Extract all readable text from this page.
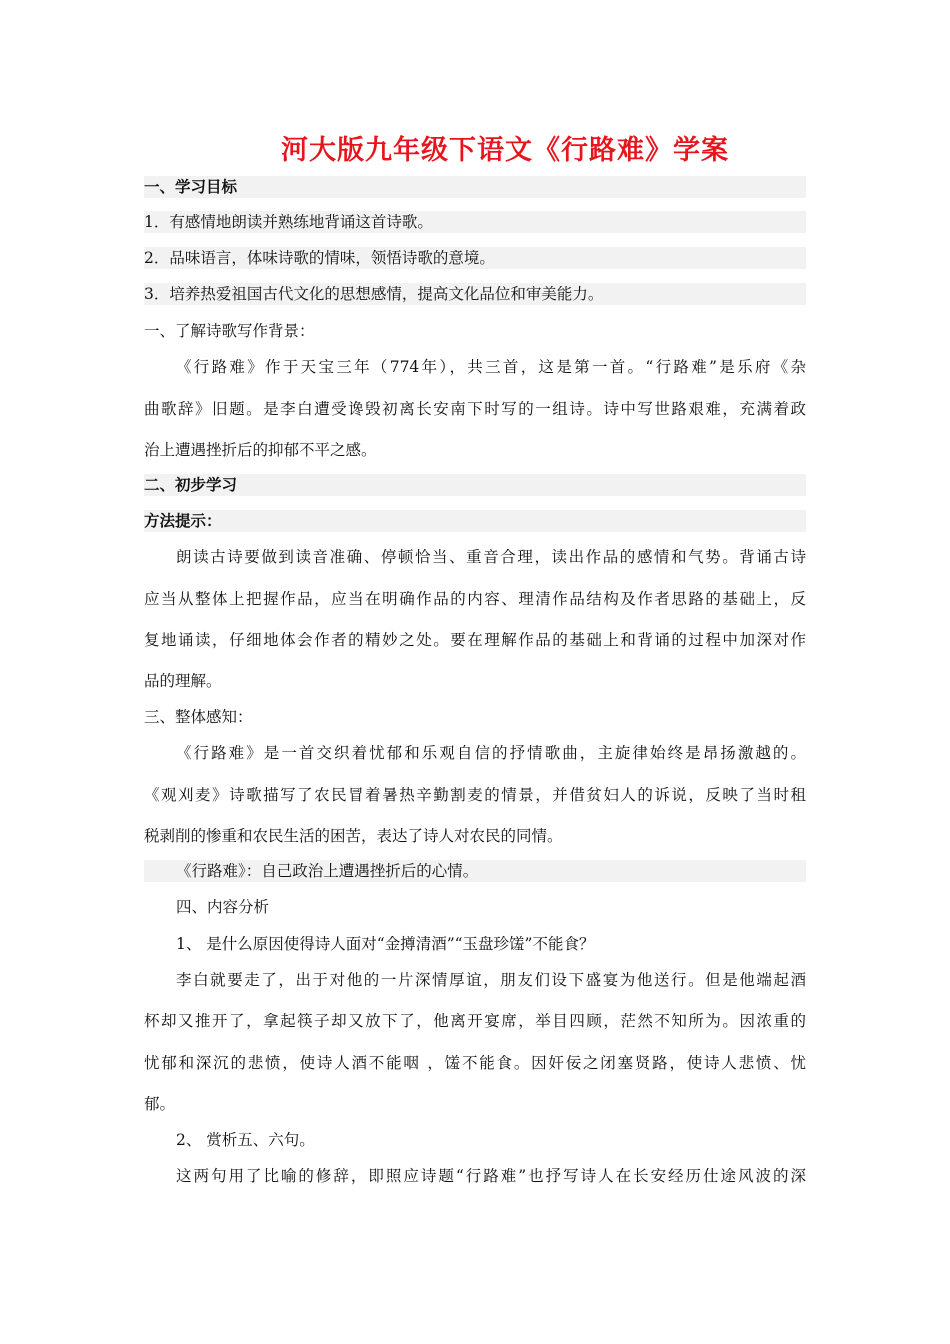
河大版九年级下语文《行路难》学案
一、学习目标
1．有感情地朗读并熟练地背诵这首诗歌。
2．品味语言，体味诗歌的情味，领悟诗歌的意境。
3．培养热爱祖国古代文化的思想感情，提高文化品位和审美能力。
一、了解诗歌写作背景：
《行路难》作于天宝三年（774年），共三首，这是第一首。“行路难”是乐府《杂
曲歌辞》旧题。是李白遭受谗毁初离长安南下时写的一组诗。诗中写世路艰难，充满着政
治上遭遇挫折后的抑郁不平之感。
二、初步学习
方法提示：
朗读古诗要做到读音准确、停顿恰当、重音合理，读出作品的感情和气势。背诵古诗
应当从整体上把握作品，应当在明确作品的内容、理清作品结构及作者思路的基础上，反
复地诵读，仔细地体会作者的精妙之处。要在理解作品的基础上和背诵的过程中加深对作
品的理解。
三、整体感知：
《行路难》是一首交织着忧郁和乐观自信的抒情歌曲，主旋律始终是昂扬激越的。
《观刈麦》诗歌描写了农民冒着暑热辛勤割麦的情景，并借贫妇人的诉说，反映了当时租
税剥削的惨重和农民生活的困苦，表达了诗人对农民的同情。
《行路难》：自己政治上遭遇挫折后的心情。
四、内容分析
1、 是什么原因使得诗人面对“金撙清酒”“玉盘珍馐”不能食？
李白就要走了，出于对他的一片深情厚谊，朋友们设下盛宴为他送行。但是他端起酒
杯却又推开了，拿起筷子却又放下了，他离开宴席，举目四顾，茫然不知所为。因浓重的
忧郁和深沉的悲愤，使诗人酒不能咽 ，馐不能食。因奸佞之闭塞贤路，使诗人悲愤、忧
郁。
2、 赏析五、六句。
这两句用了比喻的修辞，即照应诗题“行路难”也抒写诗人在长安经历仕途风波的深
